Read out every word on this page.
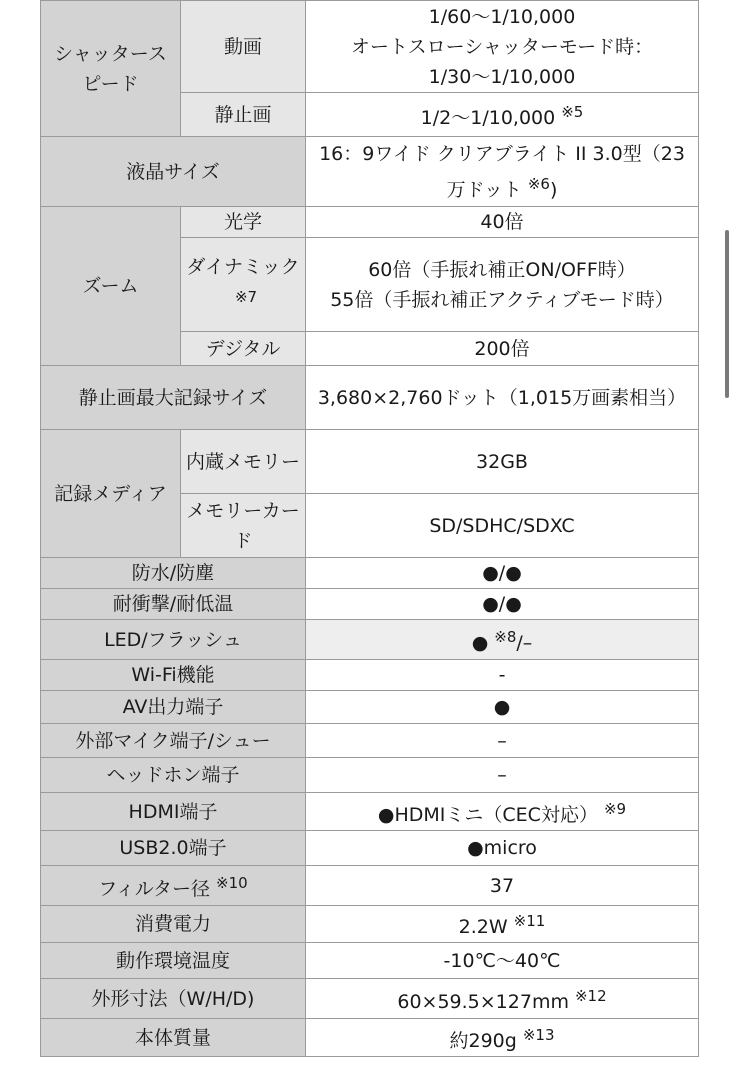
シャッタースピード	動画	1/60〜1/10,000
オートスローシャッターモード時：
1/30〜1/10,000

	静止画	1/2〜1/10,000 $^{※5}$
液晶サイズ		16：9ワイド クリアブライト II 3.0型（23万ドット $^{※6}$)
ズーム	光学	40倍
	ダイナミック$^{※7}$	60倍（手振れ補正ON/OFF時）
55倍（手振れ補正アクティブモード時）

	デジタル	200倍
静止画最大記録サイズ		3,680×2,760ドット（1,015万画素相当）
記録メディア	内蔵メモリー	32GB
	メモリーカード	SD/SDHC/SDXC
防水/防塵		●/●
耐衝撃/耐低温		●/●
LED/フラッシュ		● $^{※8}$/–
Wi-Fi機能		-
AV出力端子		●
外部マイク端子/シュー		–
ヘッドホン端子		–
HDMI端子		●HDMIミニ（CEC対応） $^{※9}$
USB2.0端子		●micro
フィルター径 $^{※10}$		37
消費電力		2.2W $^{※11}$
動作環境温度		-10℃〜40℃
外形寸法（W/H/D)		60×59.5×127mm $^{※12}$
本体質量		約290g $^{※13}$
